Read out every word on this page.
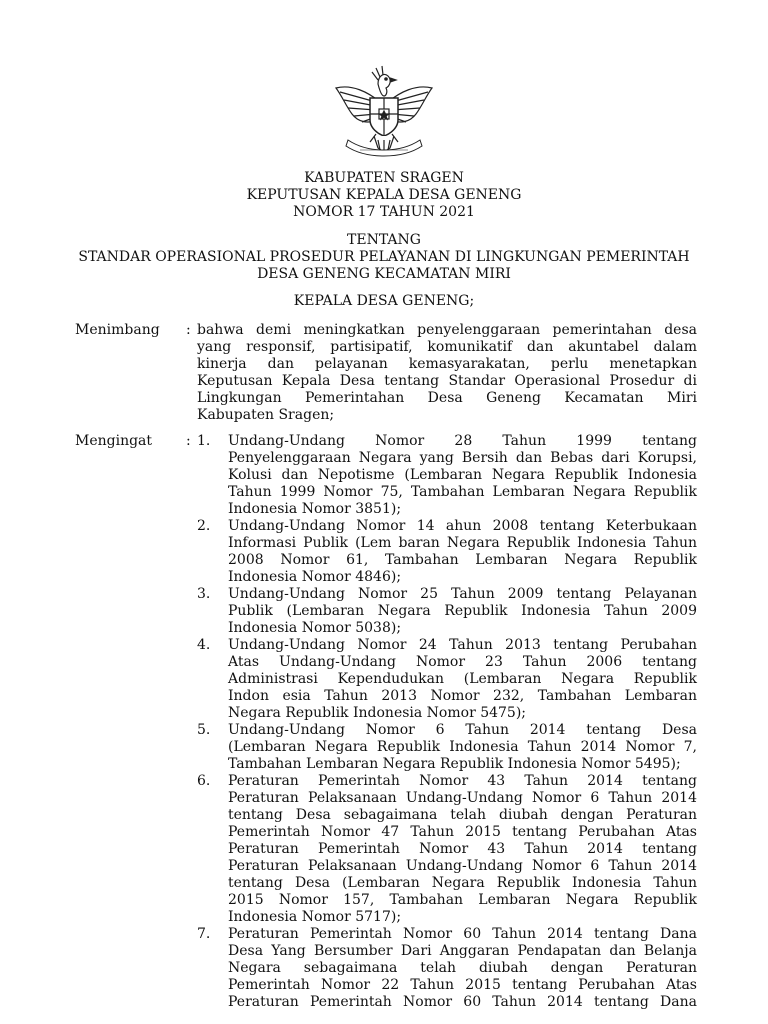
KABUPATEN SRAGEN
KEPUTUSAN KEPALA DESA GENENG
NOMOR 17 TAHUN 2021
TENTANG
STANDAR OPERASIONAL PROSEDUR PELAYANAN DI LINGKUNGAN PEMERINTAH
DESA GENENG KECAMATAN MIRI
KEPALA DESA GENENG;
Menimbang : bahwa demi meningkatkan penyelenggaraan pemerintahan desa
yang responsif, partisipatif, komunikatif dan akuntabel dalam
kinerja dan pelayanan kemasyarakatan, perlu menetapkan
Keputusan Kepala Desa tentang Standar Operasional Prosedur di
Lingkungan Pemerintahan Desa Geneng Kecamatan Miri
Kabupaten Sragen;
Mengingat : 1.	Undang-Undang Nomor 28 Tahun 1999 tentang
Penyelenggaraan Negara yang Bersih dan Bebas dari Korupsi,
Kolusi dan Nepotisme (Lembaran Negara Republik Indonesia
Tahun 1999 Nomor 75, Tambahan Lembaran Negara Republik
Indonesia Nomor 3851);
2.	Undang-Undang Nomor 14 ahun 2008 tentang Keterbukaan
Informasi Publik (Lem baran Negara Republik Indonesia Tahun
2008 Nomor 61, Tambahan Lembaran Negara Republik
Indonesia Nomor 4846);
3.	Undang-Undang Nomor 25 Tahun 2009 tentang Pelayanan
Publik (Lembaran Negara Republik Indonesia Tahun 2009
Indonesia Nomor 5038);
4.	Undang-Undang Nomor 24 Tahun 2013 tentang Perubahan
Atas Undang-Undang Nomor 23 Tahun 2006 tentang
Administrasi Kependudukan (Lembaran Negara Republik
Indon esia Tahun 2013 Nomor 232, Tambahan Lembaran
Negara Republik Indonesia Nomor 5475);
5.	Undang-Undang Nomor 6 Tahun 2014 tentang Desa
(Lembaran Negara Republik Indonesia Tahun 2014 Nomor 7,
Tambahan Lembaran Negara Republik Indonesia Nomor 5495);
6.	Peraturan Pemerintah Nomor 43 Tahun 2014 tentang
Peraturan Pelaksanaan Undang-Undang Nomor 6 Tahun 2014
tentang Desa sebagaimana telah diubah dengan Peraturan
Pemerintah Nomor 47 Tahun 2015 tentang Perubahan Atas
Peraturan Pemerintah Nomor 43 Tahun 2014 tentang
Peraturan Pelaksanaan Undang-Undang Nomor 6 Tahun 2014
tentang Desa (Lembaran Negara Republik Indonesia Tahun
2015 Nomor 157, Tambahan Lembaran Negara Republik
Indonesia Nomor 5717);
7.	Peraturan Pemerintah Nomor 60 Tahun 2014 tentang Dana
Desa Yang Bersumber Dari Anggaran Pendapatan dan Belanja
Negara sebagaimana telah diubah dengan Peraturan
Pemerintah Nomor 22 Tahun 2015 tentang Perubahan Atas
Peraturan Pemerintah Nomor 60 Tahun 2014 tentang Dana
